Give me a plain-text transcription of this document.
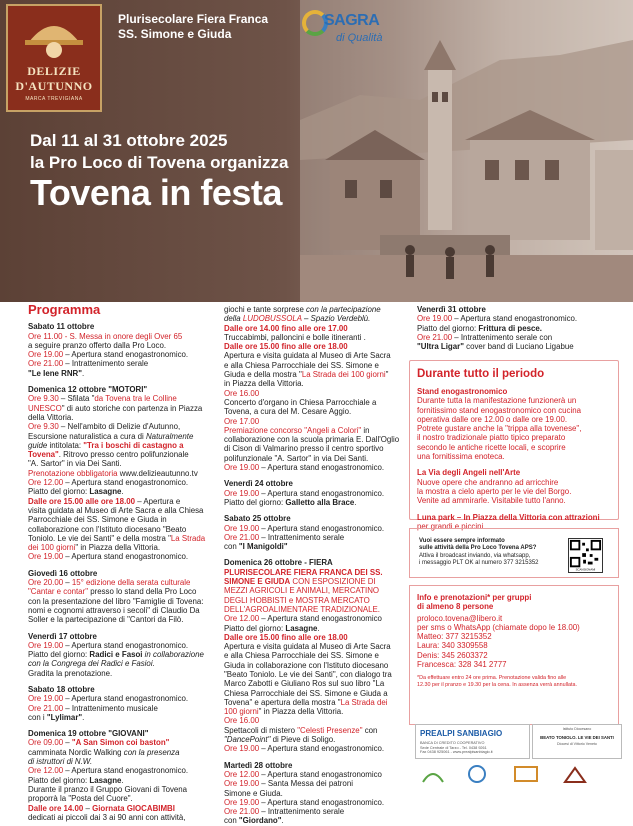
DELIZIE
D'AUTUNNO
MARCA TREVIGIANA
Plurisecolare Fiera Franca
SS. Simone e Giuda
SAGRA
di Qualità
Dal 11 al 31 ottobre 2025
la Pro Loco di Tovena organizza
Tovena in festa
Programma

Sabato 11 ottobre

Ore 11.00 - S. Messa in onore degli Over 65

a seguire pranzo offerto dalla Pro Loco.

Ore 19.00 – Apertura stand enogastronomico.

Ore 21.00 – Intrattenimento serale

"Le Iene RNR".

Domenica 12 ottobre "MOTORI"

Ore 9.30 – Sfilata "da Tovena tra le Colline

UNESCO" di auto storiche con partenza in Piazza

della Vittoria.

Ore 9.30 – Nell'ambito di Delizie d'Autunno,

Escursione naturalistica a cura di Naturalmente

guide intitolata: "Tra i boschi di castagno a

Tovena". Ritrovo presso centro polifunzionale

"A. Sartor" in via Dei Santi.

Prenotazione obbligatoria www.delizieautunno.tv

Ore 12.00 – Apertura stand enogastronomico.

Piatto del giorno: Lasagne.

Dalle ore 15.00 alle ore 18.00 – Apertura e

visita guidata al Museo di Arte Sacra e alla Chiesa

Parrocchiale dei SS. Simone e Giuda in

collaborazione con l'Istituto diocesano "Beato

Toniolo. Le vie dei Santi" e della mostra "La Strada

dei 100 giorni" in Piazza della Vittoria.

Ore 19.00 – Apertura stand enogastronomico.

Giovedì 16 ottobre

Ore 20.00 – 15° edizione della serata culturale

"Cantar e contar" presso lo stand della Pro Loco

con la presentazione del libro "Famiglie di Tovena:

nomi e cognomi attraverso i secoli" di Claudio Da

Soller e la partecipazione di "Cantori da Filò.

Venerdì 17 ottobre

Ore 19.00 – Apertura stand enogastronomico.

Piatto del giorno: Radici e Fasoi in collaborazione

con la Congrega dei Radici e Fasioi.

Gradita la prenotazione.

Sabato 18 ottobre

Ore 19.00 – Apertura stand enogastronomico.

Ore 21.00 – Intrattenimento musicale

con i "Lylimar".

Domenica 19 ottobre "GIOVANI"

Ore 09.00 – "A San Simon coi baston"

camminata Nordic Walking con la presenza

di istruttori di N.W.

Ore 12.00 – Apertura stand enogastronomico.

Piatto del giorno: Lasagne.

Durante il pranzo il Gruppo Giovani di Tovena

proporrà la "Posta del Cuore".

Dalle ore 14.00 – Giornata GIOCABIMBI

dedicati ai piccoli dai 3 ai 90 anni con attività,

giochi e tante sorprese con la partecipazione

della LUDOBUSSOLA – Spazio Verdeblù.

Dalle ore 14.00 fino alle ore 17.00

Truccabimbi, palloncini e bolle itineranti .

Dalle ore 15.00 fino alle ore 18.00

Apertura e visita guidata al Museo di Arte Sacra

e alla Chiesa Parrocchiale dei SS. Simone e

Giuda e della mostra "La Strada dei 100 giorni"

in Piazza della Vittoria.

Ore 16.00

Concerto d'organo in Chiesa Parrocchiale a

Tovena, a cura del M. Cesare Aggio.

Ore 17.00

Premiazione concorso "Angeli a Colori" in

collaborazione con la scuola primaria E. Dall'Oglio

di Cison di Valmarino presso il centro sportivo

polifunzionale "A. Sartor" in via Dei Santi.

Ore 19.00 – Apertura stand enogastronomico.

Venerdì 24 ottobre

Ore 19.00 – Apertura stand enogastronomico.

Piatto del giorno: Galletto alla Brace.

Sabato 25 ottobre

Ore 19.00 – Apertura stand enogastronomico.

Ore 21.00 – Intrattenimento serale

con "I Manigoldi"

Domenica 26 ottobre - FIERA

PLURISECOLARE FIERA FRANCA DEI SS.

SIMONE E GIUDA CON ESPOSIZIONE DI

MEZZI AGRICOLI E ANIMALI, MERCATINO

DEGLI HOBBISTI e MOSTRA MERCATO

DELL'AGROALIMENTARE TRADIZIONALE.

Ore 12.00 – Apertura stand enogastronomico

Piatto del giorno: Lasagne.

Dalle ore 15.00 fino alle ore 18.00

Apertura e visita guidata al Museo di Arte Sacra

e alla Chiesa Parrocchiale dei SS. Simone e

Giuda in collaborazione con l'Istituto diocesano

"Beato Toniolo. Le vie dei Santi", con dialogo tra

Marco Zabotti e Giuliano Ros sul suo libro "La

Chiesa Parrocchiale dei SS. Simone e Giuda a

Tovena" e apertura della mostra "La Strada dei

100 giorni" in Piazza della Vittoria.

Ore 16.00

Spettacoli di mistero "Celesti Presenze" con

"DancePoint" di Pieve di Soligo.

Ore 19.00 – Apertura stand enogastronomico.

Martedì 28 ottobre

Ore 12.00 – Apertura stand enogastronomico

Ore 19.00 – Santa Messa dei patroni

Simone e Giuda.

Ore 19.00 – Apertura stand enogastronomico.

Ore 21.00 – Intrattenimento serale

con "Giordano".

Venerdì 31 ottobre

Ore 19.00 – Apertura stand enogastronomico.

Piatto del giorno: Frittura di pesce.

Ore 21.00 – Intrattenimento serale con

"Ultra Ligar" cover band di Luciano Ligabue

Durante tutto il periodo

Stand enogastronomico

Durante tutta la manifestazione funzionerà un

fornitissimo stand enogastronomico con cucina

operativa dalle ore 12.00 o dalle ore 19.00.

Potrete gustare anche la "trippa alla tovenese",

il nostro tradizionale piatto tipico preparato

secondo le antiche ricette locali, e scoprire

una fornitissima enoteca.

La Via degli Angeli nell'Arte

Nuove opere che andranno ad arricchire

la mostra a cielo aperto per le vie del Borgo.

Venite ad ammirarle. Visitabile tutto l'anno.

Luna park – In Piazza della Vittoria con attrazioni

per grandi e piccini

Vuoi essere sempre informato

sulle attività della Pro Loco Tovena APS?

Attiva il broadcast inviando, via whatsapp,

i messaggio PLT OK al numero 377 3215352

SCANSIONAMI

Info e prenotazioni* per gruppi

di almeno 8 persone

proloco.tovena@libero.it

per sms o WhatsApp (chiamate dopo le 18.00)

Matteo: 377 3215352

Laura: 340 3309558

Denis: 345 2603372

Francesca: 328 341 2777

*Da effettuare entro 24 ore prima. Prenotazione valida fino alle

12.30 per il pranzo e 19.30 per la cena. In assenza verrà annullata.

PREALPI SANBIAGIO
BANCA DI CREDITO COOPERATIVO
Sede Centrale di Tarzo - Tel. 0438 9261
Fax 0438 925061 - www.prealpisanbiagio.it
Istituto Diocesano
BEATO TONIOLO. LE VIE DEI SANTI
Diocesi di Vittorio Veneto
